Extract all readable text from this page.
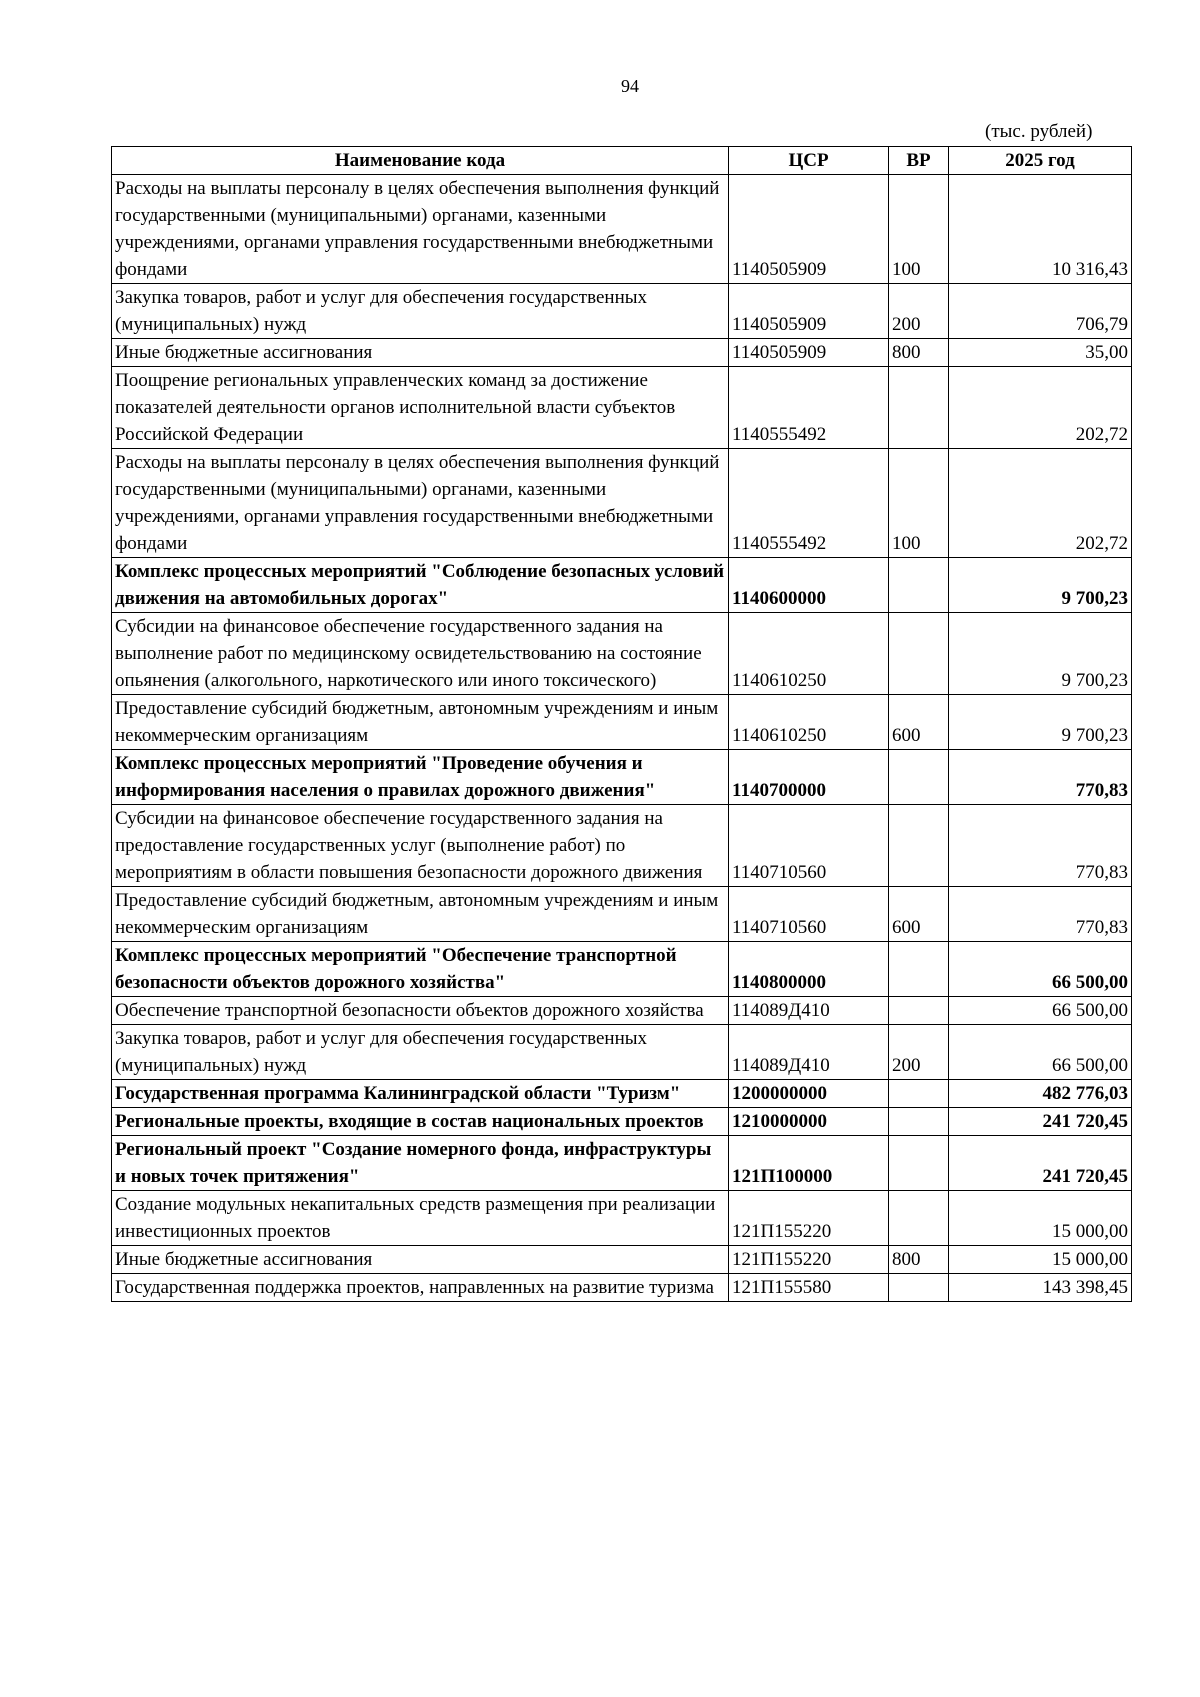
94
(тыс. рублей)
Наименование кода	ЦСР	ВР	2025 год
Расходы на выплаты персоналу в целях обеспечения выполнения функций государственными (муниципальными) органами, казенными учреждениями, органами управления государственными внебюджетными фондами	1140505909	100	10 316,43
Закупка товаров, работ и услуг для обеспечения государственных (муниципальных) нужд	1140505909	200	706,79
Иные бюджетные ассигнования	1140505909	800	35,00
Поощрение региональных управленческих команд за достижение показателей деятельности органов исполнительной власти субъектов Российской Федерации	1140555492		202,72
Расходы на выплаты персоналу в целях обеспечения выполнения функций государственными (муниципальными) органами, казенными учреждениями, органами управления государственными внебюджетными фондами	1140555492	100	202,72
Комплекс процессных мероприятий "Соблюдение безопасных условий движения на автомобильных дорогах"	1140600000		9 700,23
Субсидии на финансовое обеспечение государственного задания на выполнение работ по медицинскому освидетельствованию на состояние опьянения (алкогольного, наркотического или иного токсического)	1140610250		9 700,23
Предоставление субсидий бюджетным, автономным учреждениям и иным некоммерческим организациям	1140610250	600	9 700,23
Комплекс процессных мероприятий "Проведение обучения и информирования населения о правилах дорожного движения"	1140700000		770,83
Субсидии на финансовое обеспечение государственного задания на предоставление государственных услуг (выполнение работ) по мероприятиям в области повышения безопасности дорожного движения	1140710560		770,83
Предоставление субсидий бюджетным, автономным учреждениям и иным некоммерческим организациям	1140710560	600	770,83
Комплекс процессных мероприятий "Обеспечение транспортной безопасности объектов дорожного хозяйства"	1140800000		66 500,00
Обеспечение транспортной безопасности объектов дорожного хозяйства	114089Д410		66 500,00
Закупка товаров, работ и услуг для обеспечения государственных (муниципальных) нужд	114089Д410	200	66 500,00
Государственная программа Калининградской области "Туризм"	1200000000		482 776,03
Региональные проекты, входящие в состав национальных проектов	1210000000		241 720,45
Региональный проект "Создание номерного фонда, инфраструктуры и новых точек притяжения"	121П100000		241 720,45
Создание модульных некапитальных средств размещения при реализации инвестиционных проектов	121П155220		15 000,00
Иные бюджетные ассигнования	121П155220	800	15 000,00
Государственная поддержка проектов, направленных на развитие туризма	121П155580		143 398,45
